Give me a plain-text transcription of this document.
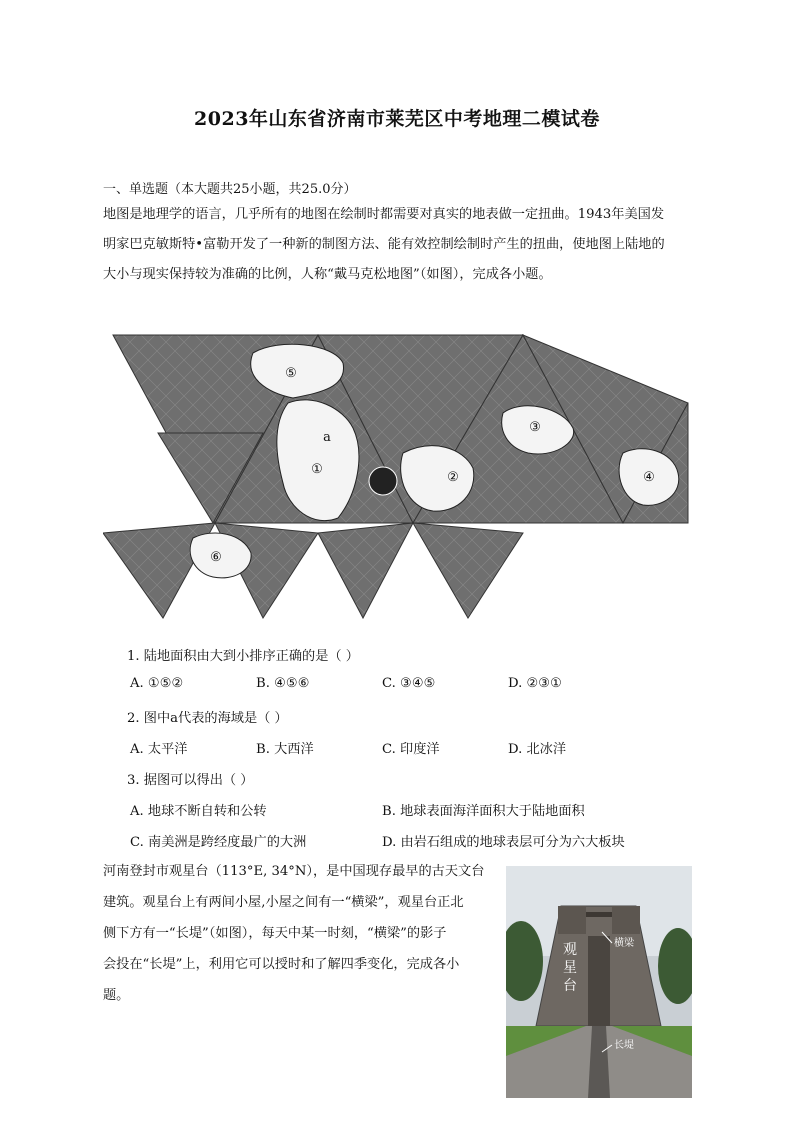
2023年山东省济南市莱芜区中考地理二模试卷
一、单选题（本大题共25小题，共25.0分）
地图是地理学的语言，几乎所有的地图在绘制时都需要对真实的地表做一定扭曲。1943年美国发
明家巴克敏斯特•富勒开发了一种新的制图方法、能有效控制绘制时产生的扭曲，使地图上陆地的
大小与现实保持较为准确的比例，人称“戴马克松地图”（如图），完成各小题。
⑤
①
②
③
④
⑥
a
1. 陆地面积由大到小排序正确的是（ ）
A. ①⑤②	B. ④⑤⑥	C. ③④⑤	D. ②③①
2. 图中a代表的海域是（ ）
A. 太平洋	B. 大西洋	C. 印度洋	D. 北冰洋
3. 据图可以得出（ ）
A. 地球不断自转和公转	B. 地球表面海洋面积大于陆地面积
C. 南美洲是跨经度最广的大洲	D. 由岩石组成的地球表层可分为六大板块
河南登封市观星台（113°E, 34°N），是中国现存最早的古天文台
建筑。观星台上有两间小屋,小屋之间有一“横梁”，观星台正北
侧下方有一“长堤”（如图），每天中某一时刻，“横梁”的影子
会投在“长堤”上，利用它可以授时和了解四季变化，完成各小
题。
观
星
台
横梁
长堤
